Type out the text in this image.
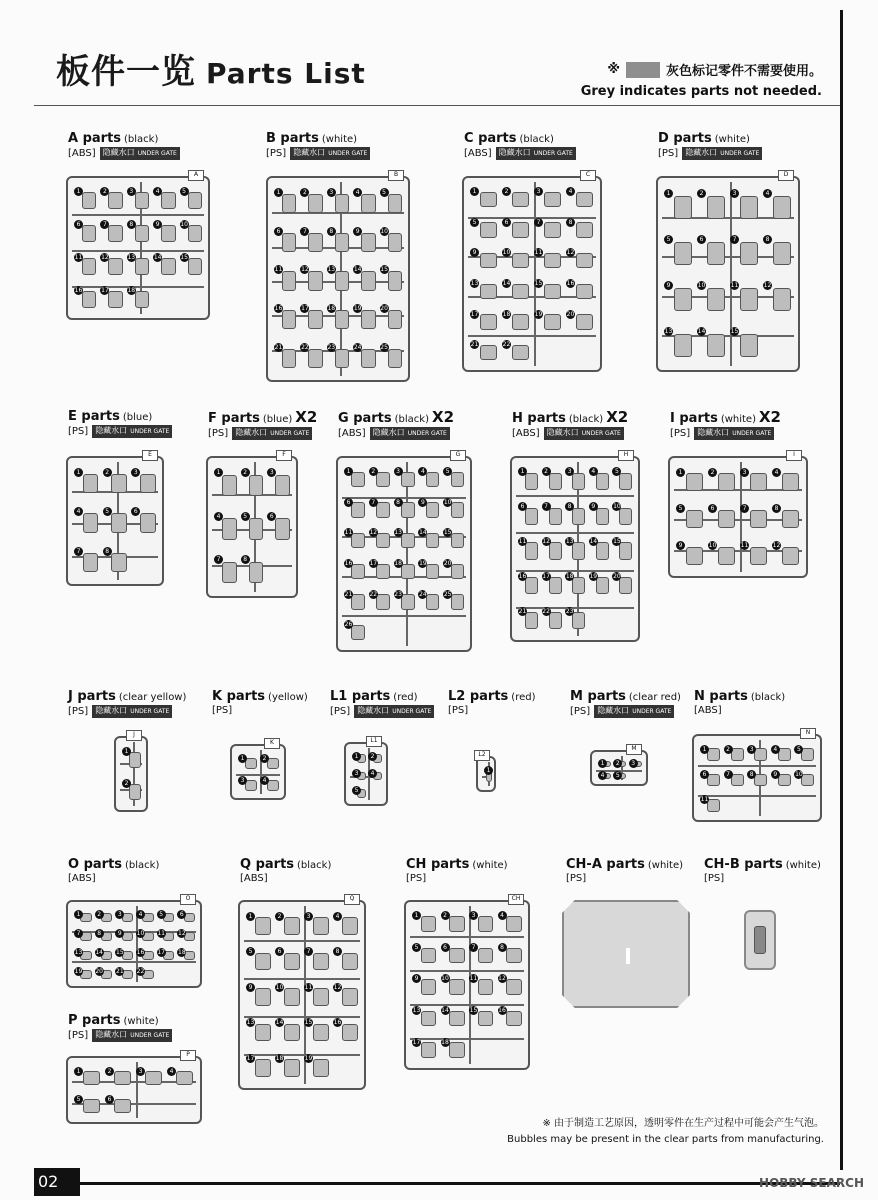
板件一览 Parts List	※	灰色标记零件不需要使用。
Grey indicates parts not needed.
A parts (black)
[ABS] 隐藏水口 UNDER GATE
A
1	2	3	4	5
6	7	8	9	10
11	12	13	14	15
16	17	18
B parts (white)
[PS] 隐藏水口 UNDER GATE
B
1	2	3	4	5
6	7	8	9	10
11	12	13	14	15
16	17	18	19	20
21	22	23	24	25
C parts (black)
[ABS] 隐藏水口 UNDER GATE
C
1	2	3	4
5	6	7	8
9	10	11	12
13	14	15	16
17	18	19	20
21	22
D parts (white)
[PS] 隐藏水口 UNDER GATE
D
1	2	3	4
5	6	7	8
9	10	11	12
13	14	15
E parts (blue)
[PS] 隐藏水口 UNDER GATE
E
1	2	3
4	5	6
7	8
F parts (blue) X2
[PS] 隐藏水口 UNDER GATE
F
1	2	3
4	5	6
7	8
G parts (black) X2
[ABS] 隐藏水口 UNDER GATE
G
1	2	3	4	5
6	7	8	9	10
11	12	13	14	15
16	17	18	19	20
21	22	23	24	25
26
H parts (black) X2
[ABS] 隐藏水口 UNDER GATE
H
1	2	3	4	5
6	7	8	9	10
11	12	13	14	15
16	17	18	19	20
21	22	23
I parts (white) X2
[PS] 隐藏水口 UNDER GATE
I
1	2	3	4
5	6	7	8
9	10	11	12
J parts (clear yellow)
[PS] 隐藏水口 UNDER GATE
J
1
2
K parts (yellow)
[PS]
K
1	2
3	4
L1 parts (red)
[PS] 隐藏水口 UNDER GATE
L1
1	2
3	4
5
L2 parts (red)
[PS]
L2
1
M parts (clear red)
[PS] 隐藏水口 UNDER GATE
M
1	2	3
4	5
N parts (black)
[ABS]
N
1	2	3	4	5
6	7	8	9	10
11
O parts (black)
[ABS]
O
1	2	3	4	5	6
7	8	9	10 11 12
13 14 15 16 17 18
19 20 21 22
Q parts (black)
[ABS]
Q
1	2	3	4
5	6	7	8
9	10	11	12
13	14	15	16
17	18	19
CH parts (white)
[PS]
CH
1	2	3	4
5	6	7	8
9	10	11	12
13	14	15	16
17	18
CH-A parts (white)
[PS]
CH-B parts (white)
[PS]
P parts (white)
[PS] 隐藏水口 UNDER GATE
P
1	2	3	4
5	6
※ 由于制造工艺原因，透明零件在生产过程中可能会产生气泡。
Bubbles may be present in the clear parts from manufacturing.
02	HOBBY SEARCH
